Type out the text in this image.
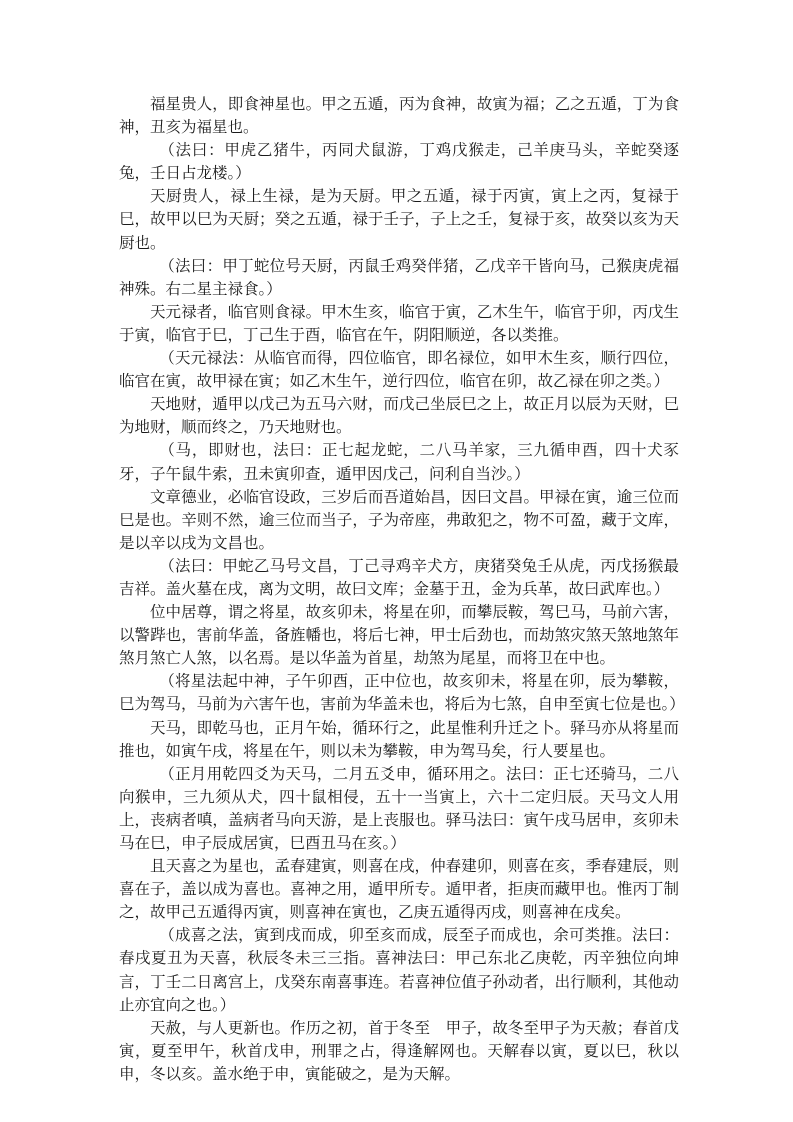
福星贵人，即食神星也。甲之五遁，丙为食神，故寅为福；乙之五遁，丁为食神，丑亥为福星也。

（法曰：甲虎乙猪牛，丙同犬鼠游，丁鸡戊猴走，己羊庚马头，辛蛇癸逐兔，壬日占龙楼。）

天厨贵人，禄上生禄，是为天厨。甲之五遁，禄于丙寅，寅上之丙，复禄于巳，故甲以巳为天厨；癸之五遁，禄于壬子，子上之壬，复禄于亥，故癸以亥为天厨也。

（法曰：甲丁蛇位号天厨，丙鼠壬鸡癸伴猪，乙戊辛干皆向马，己猴庚虎福神殊。右二星主禄食。）

天元禄者，临官则食禄。甲木生亥，临官于寅，乙木生午，临官于卯，丙戊生于寅，临官于巳，丁己生于酉，临官在午，阴阳顺逆，各以类推。

（天元禄法：从临官而得，四位临官，即名禄位，如甲木生亥，顺行四位，临官在寅，故甲禄在寅；如乙木生午，逆行四位，临官在卯，故乙禄在卯之类。）

天地财，遁甲以戊己为五马六财，而戊己坐辰巳之上，故正月以辰为天财，巳为地财，顺而终之，乃天地财也。

（马，即财也，法曰：正七起龙蛇，二八马羊家，三九循申酉，四十犬豕牙，子午鼠牛索，丑未寅卯查，遁甲因戊己，问利自当沙。）

文章德业，必临官设政，三岁后而吾道始昌，因曰文昌。甲禄在寅，逾三位而巳是也。辛则不然，逾三位而当子，子为帝座，弗敢犯之，物不可盈，藏于文库，是以辛以戌为文昌也。

（法曰：甲蛇乙马号文昌，丁己寻鸡辛犬方，庚猪癸兔壬从虎，丙戊扬猴最吉祥。盖火墓在戌，离为文明，故曰文库；金墓于丑，金为兵革，故曰武库也。）

位中居尊，谓之将星，故亥卯未，将星在卯，而攀辰鞍，驾巳马，马前六害，以警跸也，害前华盖，备旌幡也，将后七神，甲士后劲也，而劫煞灾煞天煞地煞年煞月煞亡人煞，以名焉。是以华盖为首星，劫煞为尾星，而将卫在中也。

（将星法起中神，子午卯酉，正中位也，故亥卯未，将星在卯，辰为攀鞍，巳为驾马，马前为六害午也，害前为华盖未也，将后为七煞，自申至寅七位是也。）

天马，即乾马也，正月午始，循环行之，此星惟利升迁之卜。驿马亦从将星而推也，如寅午戌，将星在午，则以未为攀鞍，申为驾马矣，行人要星也。

（正月用乾四爻为天马，二月五爻申，循环用之。法曰：正七还骑马，二八向猴申，三九须从犬，四十鼠相侵，五十一当寅上，六十二定归辰。天马文人用上，丧病者嗔，盖病者马向天游，是上丧服也。驿马法曰：寅午戌马居申，亥卯未马在巳，申子辰成居寅，巳酉丑马在亥。）

且天喜之为星也，孟春建寅，则喜在戌，仲春建卯，则喜在亥，季春建辰，则喜在子，盖以成为喜也。喜神之用，遁甲所专。遁甲者，拒庚而藏甲也。惟丙丁制之，故甲己五遁得丙寅，则喜神在寅也，乙庚五遁得丙戌，则喜神在戌矣。

（成喜之法，寅到戌而成，卯至亥而成，辰至子而成也，余可类推。法曰：春戌夏丑为天喜，秋辰冬未三三指。喜神法曰：甲己东北乙庚乾，丙辛独位向坤言，丁壬二日离宫上，戊癸东南喜事连。若喜神位值子孙动者，出行顺利，其他动止亦宜向之也。）

天赦，与人更新也。作历之初，首于冬至　甲子，故冬至甲子为天赦；春首戊寅，夏至甲午，秋首戊申，刑罪之占，得逢解网也。天解春以寅，夏以巳，秋以申，冬以亥。盖水绝于申，寅能破之，是为天解。
